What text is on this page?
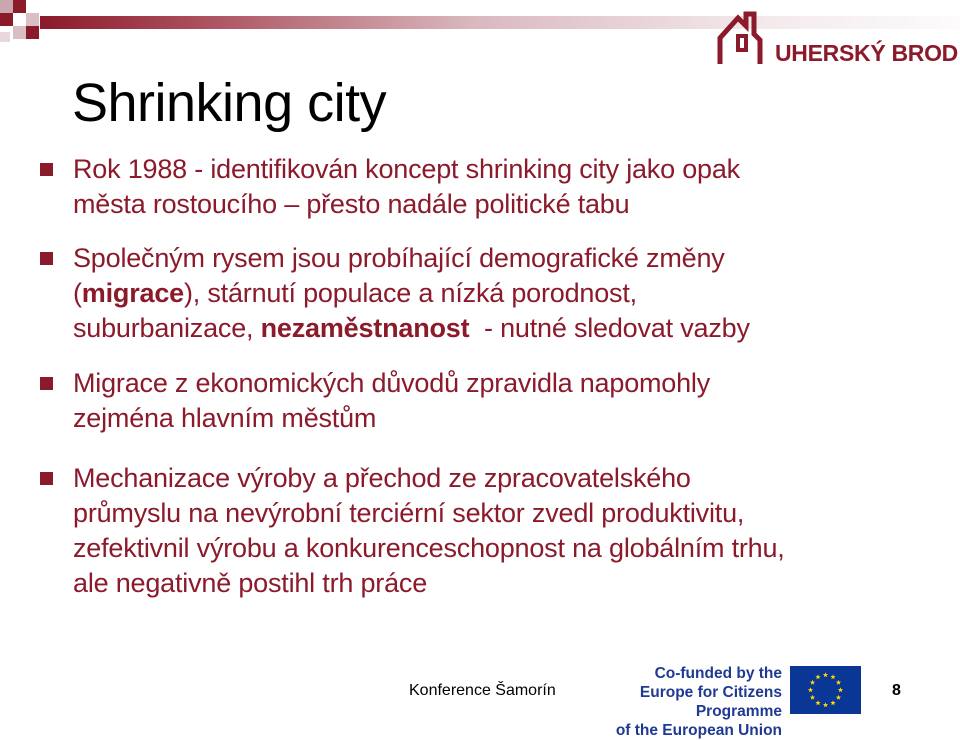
UHERSKÝ BROD
Shrinking city
Rok 1988 - identifikován koncept shrinking city jako opak
města rostoucího – přesto nadále politické tabu
Společným rysem jsou probíhající demografické změny
(migrace), stárnutí populace a nízká porodnost,
suburbanizace, nezaměstnanost  - nutné sledovat vazby
Migrace z ekonomických důvodů zpravidla napomohly
zejména hlavním městům
Mechanizace výroby a přechod ze zpracovatelského
průmyslu na nevýrobní terciérní sektor zvedl produktivitu,
zefektivnil výrobu a konkurenceschopnost na globálním trhu,
ale negativně postihl trh práce
Konference Šamorín
Co-funded by the
Europe for Citizens Programme
of the European Union
8
